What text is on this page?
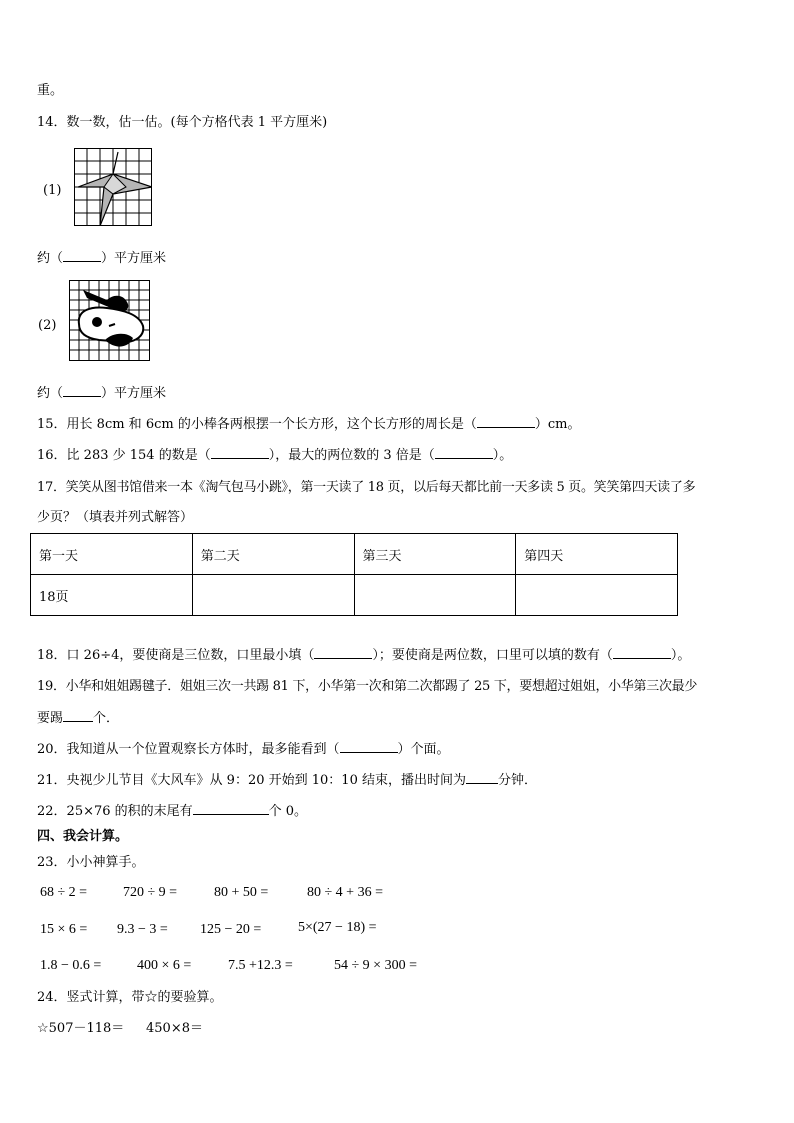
重。
14．数一数，估一估。(每个方格代表 1 平方厘米)
(1)
约（	）平方厘米
(2)
约（	）平方厘米
15．用长 8cm 和 6cm 的小棒各两根摆一个长方形，这个长方形的周长是（	）cm。
16．比 283 少 154 的数是（	），最大的两位数的 3 倍是（	）。
17．笑笑从图书馆借来一本《淘气包马小跳》，第一天读了 18 页，以后每天都比前一天多读 5 页。笑笑第四天读了多
少页？（填表并列式解答）
第一天	第二天	第三天	第四天
18页			
18．口 26÷4，要使商是三位数，口里最小填（	）；要使商是两位数，口里可以填的数有（	）。
19．小华和姐姐踢毽子．姐姐三次一共踢 81 下，小华第一次和第二次都踢了 25 下，要想超过姐姐，小华第三次最少
要踢 个．
20．我知道从一个位置观察长方体时，最多能看到（	）个面。
21．央视少儿节目《大风车》从 9：20 开始到 10：10 结束，播出时间为 分钟．
22．25×76 的积的末尾有	个 0。
四、我会计算。
23．小小神算手。
68 ÷ 2 =	720 ÷ 9 =	80 + 50 =	80 ÷ 4 + 36 =
15 × 6 = 9.3 − 3 = 125 − 20 =	5×(27 − 18) =
1.8 − 0.6 =	400 × 6 =	7.5 +12.3 =	54 ÷ 9 × 300 =
24．竖式计算，带☆的要验算。
☆507－118＝ 450×8＝
